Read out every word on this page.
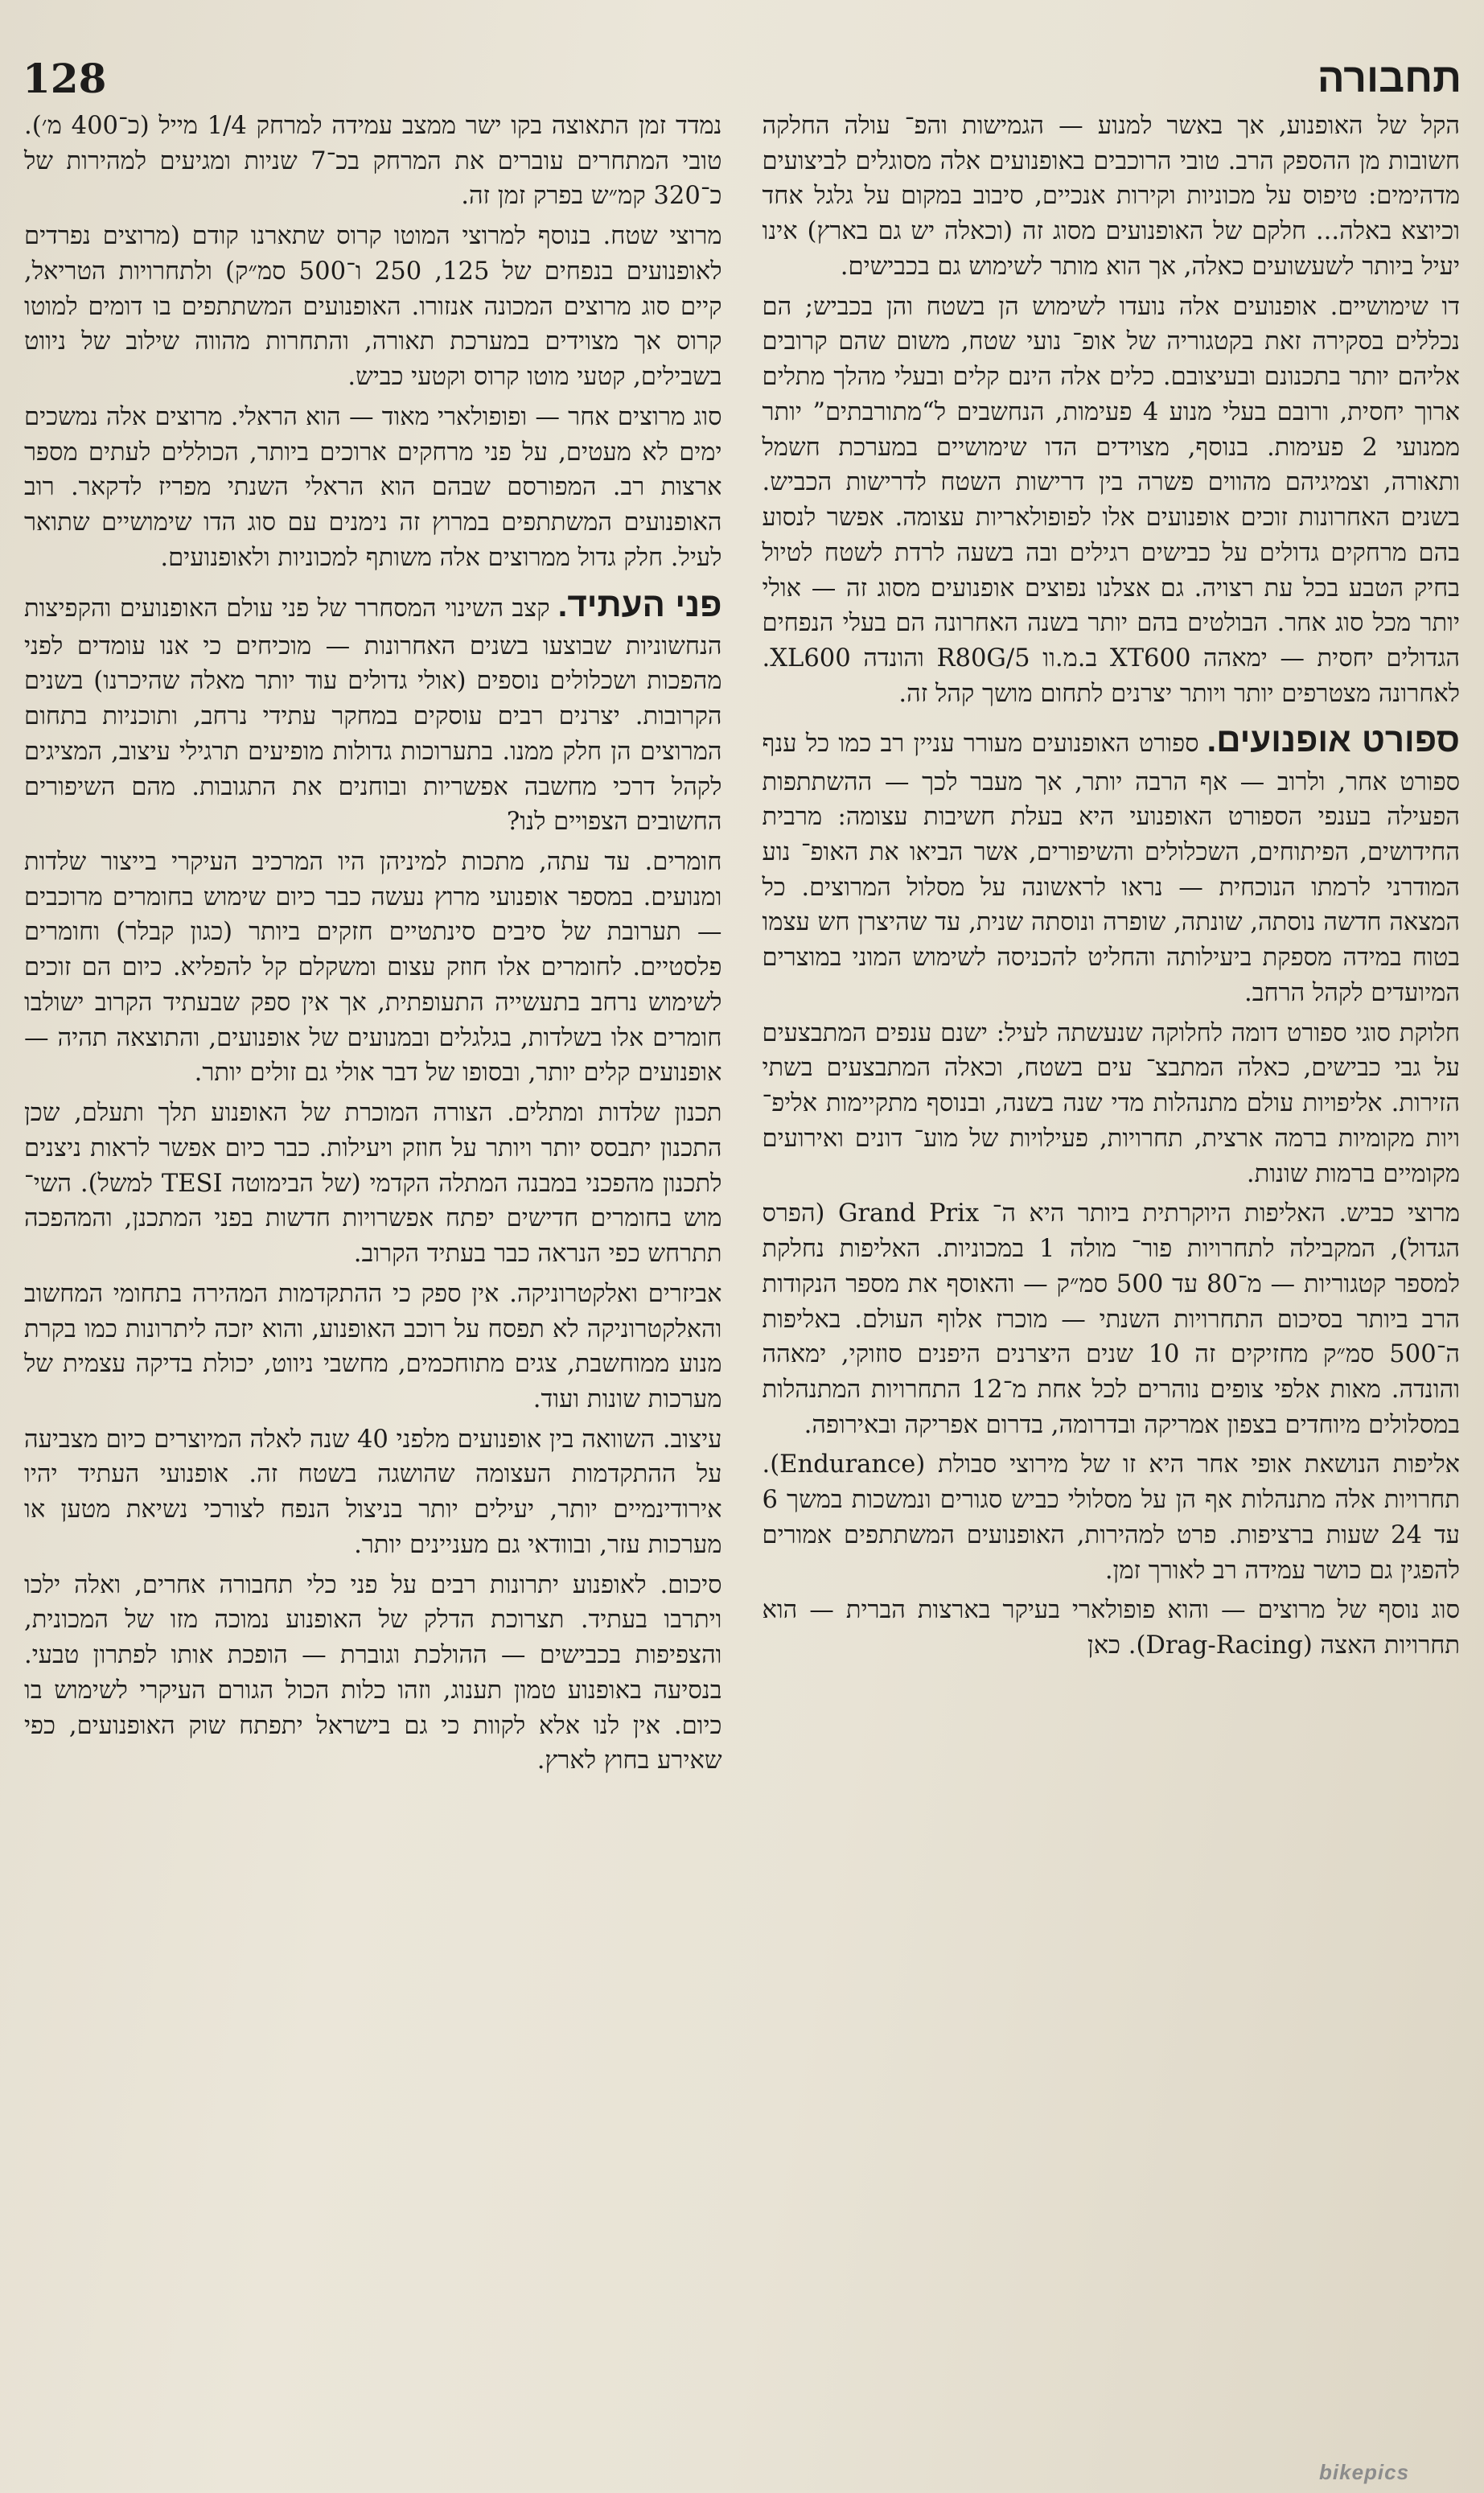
תחבורה
128

הקל של האופנוע, אך באשר למנוע — הגמישות והפ־ עולה החלקה חשובות מן ההספק הרב. טובי הרוכבים באופנועים אלה מסוגלים לביצועים מדהימים: טיפוס על מכוניות וקירות אנכיים, סיבוב במקום על גלגל אחד וכיוצא באלה... חלקם של האופנועים מסוג זה (וכאלה יש גם בארץ) אינו יעיל ביותר לשעשועים כאלה, אך הוא מותר לשימוש גם בכבישים.

דו שימושיים. אופנועים אלה נועדו לשימוש הן בשטח והן בכביש; הם נכללים בסקירה זאת בקטגוריה של אופ־ נועי שטח, משום שהם קרובים אליהם יותר בתכנונם ובעיצובם. כלים אלה הינם קלים ובעלי מהלך מתלים ארוך יחסית, ורובם בעלי מנוע 4 פעימות, הנחשבים ל“מתורבתים” יותר ממנועי 2 פעימות. בנוסף, מצוידים הדו שימושיים במערכת חשמל ותאורה, וצמיגיהם מהווים פשרה בין דרישות השטח לדרישות הכביש. בשנים האחרונות זוכים אופנועים אלו לפופולאריות עצומה. אפשר לנסוע בהם מרחקים גדולים על כבישים רגילים ובה בשעה לרדת לשטח לטיול בחיק הטבע בכל עת רצויה. גם אצלנו נפוצים אופנועים מסוג זה — אולי יותר מכל סוג אחר. הבולטים בהם יותר בשנה האחרונה הם בעלי הנפחים הגדולים יחסית — ימאהה XT600 ב.מ.וו R80G/5 והונדה XL600. לאחרונה מצטרפים יותר ויותר יצרנים לתחום מושך קהל זה.

ספורט אופנועים.ספורט האופנועים מעורר עניין רב כמו כל ענף ספורט אחר, ולרוב — אף הרבה יותר, אך מעבר לכך — ההשתתפות הפעילה בענפי הספורט האופנועי היא בעלת חשיבות עצומה: מרבית החידושים, הפיתוחים, השכלולים והשיפורים, אשר הביאו את האופ־ נוע המודרני לרמתו הנוכחית — נראו לראשונה על מסלול המרוצים. כל המצאה חדשה נוסתה, שונתה, שופרה ונוסתה שנית, עד שהיצרן חש עצמו בטוח במידה מספקת ביעילותה והחליט להכניסה לשימוש המוני במוצרים המיועדים לקהל הרחב.

חלוקת סוגי ספורט דומה לחלוקה שנעשתה לעיל: ישנם ענפים המתבצעים על גבי כבישים, כאלה המתבצ־ עים בשטח, וכאלה המתבצעים בשתי הזירות. אליפויות עולם מתנהלות מדי שנה בשנה, ובנוסף מתקיימות אליפ־ ויות מקומיות ברמה ארצית, תחרויות, פעילויות של מוע־ דונים ואירועים מקומיים ברמות שונות.

מרוצי כביש. האליפות היוקרתית ביותר היא ה־ Grand Prix (הפרס הגדול), המקבילה לתחרויות פור־ מולה 1 במכוניות. האליפות נחלקת למספר קטגוריות — מ־80 עד 500 סמ״ק — והאוסף את מספר הנקודות הרב ביותר בסיכום התחרויות השנתי — מוכרז אלוף העולם. באליפות ה־500 סמ״ק מחזיקים זה 10 שנים היצרנים היפנים סוזוקי, ימאהה והונדה. מאות אלפי צופים נוהרים לכל אחת מ־12 התחרויות המתנהלות במסלולים מיוחדים בצפון אמריקה ובדרומה, בדרום אפריקה ובאירופה.

אליפות הנושאת אופי אחר היא זו של מירוצי סבולת (Endurance). תחרויות אלה מתנהלות אף הן על מסלולי כביש סגורים ונמשכות במשך 6 עד 24 שעות ברציפות. פרט למהירות, האופנועים המשתתפים אמורים להפגין גם כושר עמידה רב לאורך זמן.

סוג נוסף של מרוצים — והוא פופולארי בעיקר בארצות הברית — הוא תחרויות האצה (Drag-Racing). כאן

נמדד זמן התאוצה בקו ישר ממצב עמידה למרחק 1/4 מייל (כ־400 מ׳). טובי המתחרים עוברים את המרחק בכ־7 שניות ומגיעים למהירות של כ־320 קמ״ש בפרק זמן זה.

מרוצי שטח. בנוסף למרוצי המוטו קרוס שתארנו קודם (מרוצים נפרדים לאופנועים בנפחים של 125, 250 ו־500 סמ״ק) ולתחרויות הטריאל, קיים סוג מרוצים המכונה אנזורו. האופנועים המשתתפים בו דומים למוטו קרוס אך מצוידים במערכת תאורה, והתחרות מהווה שילוב של ניווט בשבילים, קטעי מוטו קרוס וקטעי כביש.

סוג מרוצים אחר — ופופולארי מאוד — הוא הראלי. מרוצים אלה נמשכים ימים לא מעטים, על פני מרחקים ארוכים ביותר, הכוללים לעתים מספר ארצות רב. המפורסם שבהם הוא הראלי השנתי מפריז לדקאר. רוב האופנועים המשתתפים במרוץ זה נימנים עם סוג הדו שימושיים שתואר לעיל. חלק גדול ממרוצים אלה משותף למכוניות ולאופנועים.

פני העתיד.קצב השינוי המסחרר של פני עולם האופנועים והקפיצות הנחשוניות שבוצעו בשנים האחרונות — מוכיחים כי אנו עומדים לפני מהפכות ושכלולים נוספים (אולי גדולים עוד יותר מאלה שהיכרנו) בשנים הקרובות. יצרנים רבים עוסקים במחקר עתידי נרחב, ותוכניות בתחום המרוצים הן חלק ממנו. בתערוכות גדולות מופיעים תרגילי עיצוב, המציגים לקהל דרכי מחשבה אפשריות ובוחנים את התגובות. מהם השיפורים החשובים הצפויים לנו?

חומרים. עד עתה, מתכות למיניהן היו המרכיב העיקרי בייצור שלדות ומנועים. במספר אופנועי מרוץ נעשה כבר כיום שימוש בחומרים מרוכבים — תערובת של סיבים סינתטיים חזקים ביותר (כגון קבלר) וחומרים פלסטיים. לחומרים אלו חוזק עצום ומשקלם קל להפליא. כיום הם זוכים לשימוש נרחב בתעשייה התעופתית, אך אין ספק שבעתיד הקרוב ישולבו חומרים אלו בשלדות, בגלגלים ובמנועים של אופנועים, והתוצאה תהיה — אופנועים קלים יותר, ובסופו של דבר אולי גם זולים יותר.

תכנון שלדות ומתלים. הצורה המוכרת של האופנוע תלך ותעלם, שכן התכנון יתבסס יותר ויותר על חוזק ויעילות. כבר כיום אפשר לראות ניצנים לתכנון מהפכני במבנה המתלה הקדמי (של הבימוטה TESI למשל). השי־ מוש בחומרים חדישים יפתח אפשרויות חדשות בפני המתכנן, והמהפכה תתרחש כפי הנראה כבר בעתיד הקרוב.

אביזרים ואלקטרוניקה. אין ספק כי ההתקדמות המהירה בתחומי המחשוב והאלקטרוניקה לא תפסח על רוכב האופנוע, והוא יזכה ליתרונות כמו בקרת מנוע ממוחשבת, צגים מתוחכמים, מחשבי ניווט, יכולת בדיקה עצמית של מערכות שונות ועוד.

עיצוב. השוואה בין אופנועים מלפני 40 שנה לאלה המיוצרים כיום מצביעה על ההתקדמות העצומה שהושגה בשטח זה. אופנועי העתיד יהיו אירודינמיים יותר, יעילים יותר בניצול הנפח לצורכי נשיאת מטען או מערכות עזר, ובוודאי גם מעניינים יותר.

סיכום. לאופנוע יתרונות רבים על פני כלי תחבורה אחרים, ואלה ילכו ויתרבו בעתיד. תצרוכת הדלק של האופנוע נמוכה מזו של המכונית, והצפיפות בכבישים — ההולכת וגוברת — הופכת אותו לפתרון טבעי. בנסיעה באופנוע טמון תענוג, וזהו כלות הכול הגורם העיקרי לשימוש בו כיום. אין לנו אלא לקוות כי גם בישראל יתפתח שוק האופנועים, כפי שאירע בחוץ לארץ.

bikepics
